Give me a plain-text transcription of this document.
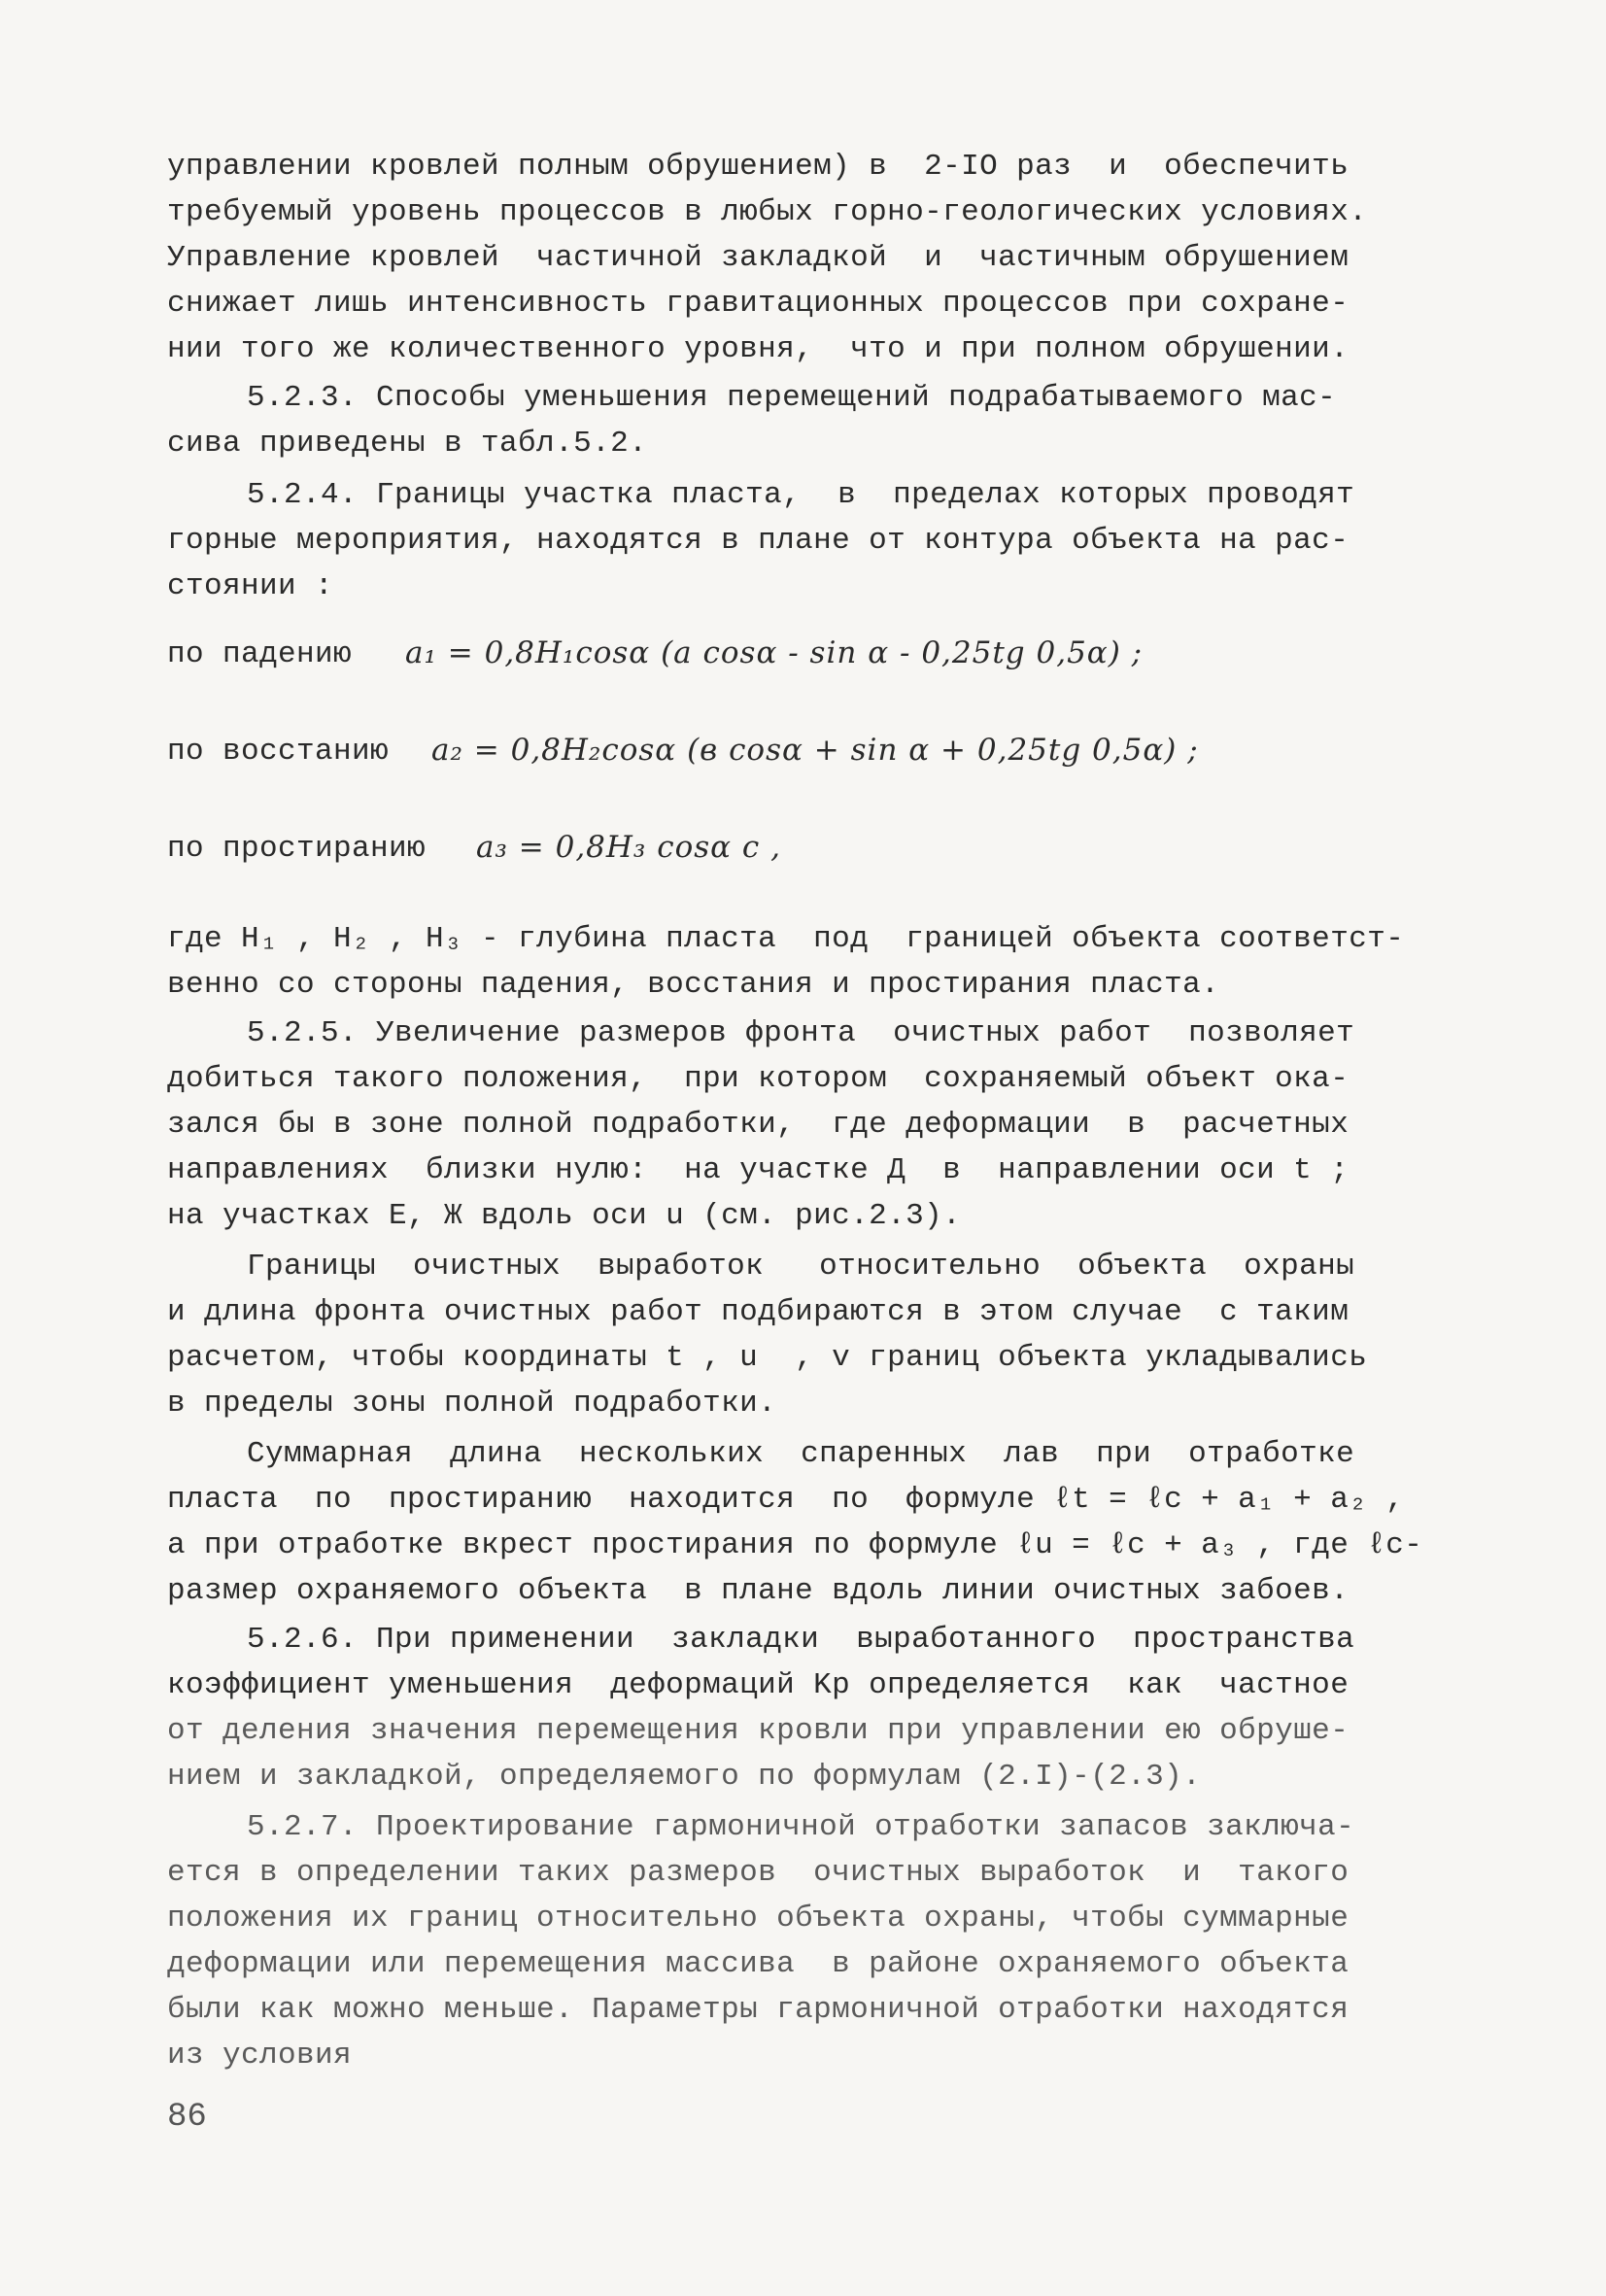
управлении кровлей полным обрушением) в  2-IO раз  и  обеспечить
требуемый уровень процессов в любых горно-геологических условиях.
Управление кровлей  частичной закладкой  и  частичным обрушением
снижает лишь интенсивность гравитационных процессов при сохране-
нии того же количественного уровня,  что и при полном обрушении.
5.2.3. Способы уменьшения перемещений подрабатываемого мас-
сива приведены в табл.5.2.
5.2.4. Границы участка пласта,  в  пределах которых проводят
горные мероприятия, находятся в плане от контура объекта на рас-
стоянии :
по падению a₁ = 0,8H₁cosα (a cosα - sin α - 0,25tg 0,5α) ;
по восстанию a₂ = 0,8H₂cosα (в cosα + sin α + 0,25tg 0,5α) ;
по простиранию a₃ = 0,8H₃ cosα c ,
где H₁ , H₂ , H₃ - глубина пласта  под  границей объекта соответст-
венно со стороны падения, восстания и простирания пласта.
5.2.5. Увеличение размеров фронта  очистных работ  позволяет
добиться такого положения,  при котором  сохраняемый объект ока-
зался бы в зоне полной подработки,  где деформации  в  расчетных
направлениях  близки нулю:  на участке Д  в  направлении оси t ;
на участках Е, Ж вдоль оси u (см. рис.2.3).
Границы  очистных  выработок   относительно  объекта  охраны
и длина фронта очистных работ подбираются в этом случае  с таким
расчетом, чтобы координаты t , u  , v границ объекта укладывались
в пределы зоны полной подработки.
Суммарная  длина  нескольких  спаренных  лав  при  отработке
пласта  по  простиранию  находится  по  формуле ℓt = ℓc + a₁ + a₂ ,
а при отработке вкрест простирания по формуле ℓu = ℓc + a₃ , где ℓc-
размер охраняемого объекта  в плане вдоль линии очистных забоев.
5.2.6. При применении  закладки  выработанного  пространства
коэффициент уменьшения  деформаций Kp определяется  как  частное
от деления значения перемещения кровли при управлении ею обруше-
нием и закладкой, определяемого по формулам (2.I)-(2.3).
5.2.7. Проектирование гармоничной отработки запасов заключа-
ется в определении таких размеров  очистных выработок  и  такого
положения их границ относительно объекта охраны, чтобы суммарные
деформации или перемещения массива  в районе охраняемого объекта
были как можно меньше. Параметры гармоничной отработки находятся
из условия
86
